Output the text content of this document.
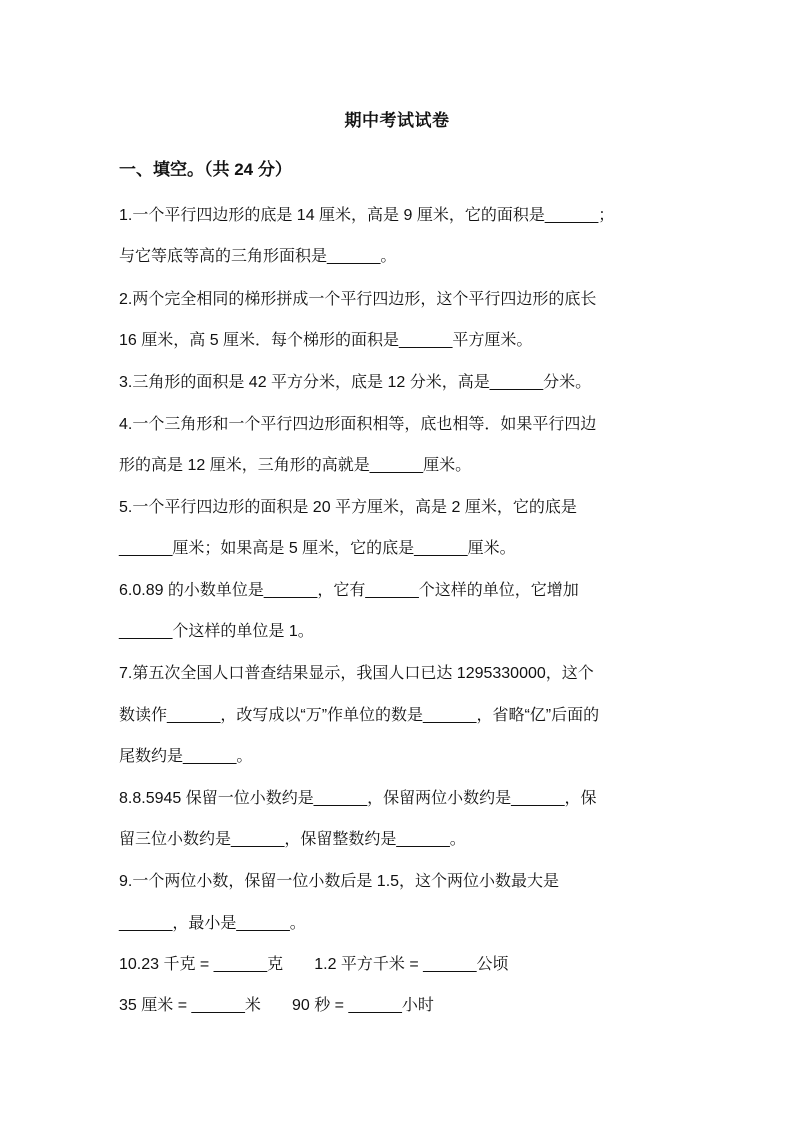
期中考试试卷
一、填空。（共 24 分）
1.一个平行四边形的底是 14 厘米，高是 9 厘米，它的面积是______；
与它等底等高的三角形面积是______。
2.两个完全相同的梯形拼成一个平行四边形，这个平行四边形的底长
16 厘米，高 5 厘米．每个梯形的面积是______平方厘米。
3.三角形的面积是 42 平方分米，底是 12 分米，高是______分米。
4.一个三角形和一个平行四边形面积相等，底也相等．如果平行四边
形的高是 12 厘米，三角形的高就是______厘米。
5.一个平行四边形的面积是 20 平方厘米，高是 2 厘米，它的底是
______厘米；如果高是 5 厘米，它的底是______厘米。
6.0.89 的小数单位是______，它有______个这样的单位，它增加
______个这样的单位是 1。
7.第五次全国人口普查结果显示，我国人口已达 1295330000，这个
数读作______，改写成以“万”作单位的数是______，省略“亿”后面的
尾数约是______。
8.8.5945 保留一位小数约是______，保留两位小数约是______，保
留三位小数约是______，保留整数约是______。
9.一个两位小数，保留一位小数后是 1.5，这个两位小数最大是
______，最小是______。
10.23 千克 = ______克       1.2 平方千米 = ______公顷
35 厘米 = ______米       90 秒 = ______小时
